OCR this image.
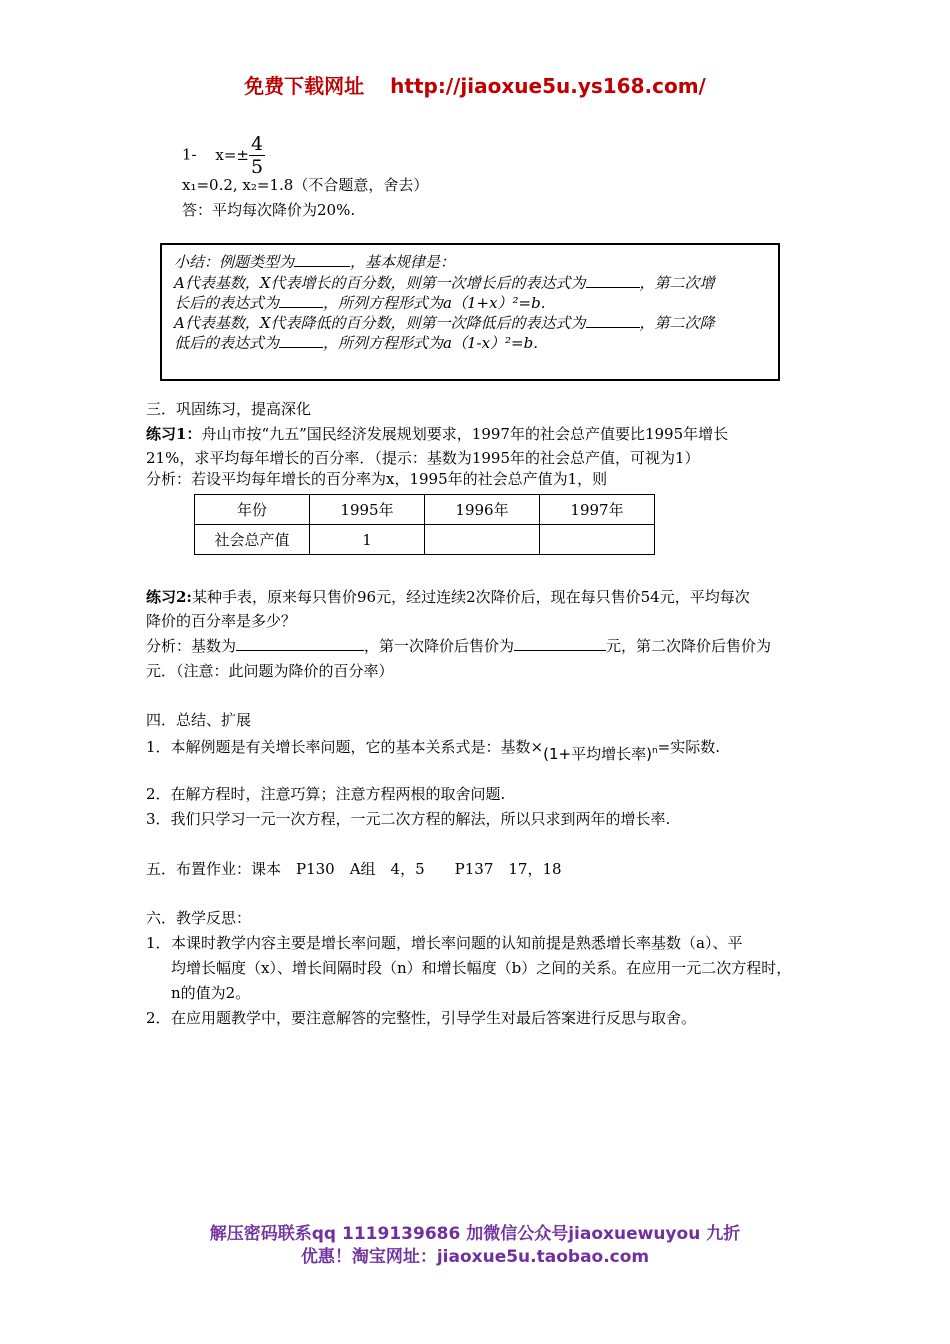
免费下载网址 http://jiaoxue5u.ys168.com/
1- $x=\pm \frac{4}{5}$
x₁=0.2, x₂=1.8（不合题意，舍去）
答：平均每次降价为20%.
小结：例题类型为	，基本规律是：
A代表基数，X代表增长的百分数，则第一次增长后的表达式为	，第二次增
长后的表达式为	，所列方程形式为a（1+x）²=b.
A代表基数，X代表降低的百分数，则第一次降低后的表达式为	，第二次降
低后的表达式为	，所列方程形式为a（1-x）²=b.
三．巩固练习，提高深化
练习1：舟山市按“九五”国民经济发展规划要求，1997年的社会总产值要比1995年增长
21%，求平均每年增长的百分率．（提示：基数为1995年的社会总产值，可视为1）
分析：若设平均每年增长的百分率为x，1995年的社会总产值为1，则
年份	1995年	1996年	1997年
社会总产值	1		
练习2:某种手表，原来每只售价96元，经过连续2次降价后，现在每只售价54元，平均每次
降价的百分率是多少？
分析：基数为	，第一次降价后售价为	元，第二次降价后售价为
元．（注意：此问题为降价的百分率）
四．总结、扩展
1．本解例题是有关增长率问题，它的基本关系式是：基数×(1+平均增长率)$^n$=实际数.
2．在解方程时，注意巧算；注意方程两根的取舍问题.
3．我们只学习一元一次方程，一元二次方程的解法，所以只求到两年的增长率.
五．布置作业：课本　P130　A组　4，5　　P137　17，18
六．教学反思：
1． 本课时教学内容主要是增长率问题，增长率问题的认知前提是熟悉增长率基数（a）、平
均增长幅度（x）、增长间隔时段（n）和增长幅度（b）之间的关系。在应用一元二次方程时，
n的值为2。
2． 在应用题教学中，要注意解答的完整性，引导学生对最后答案进行反思与取舍。
解压密码联系qq 1119139686 加微信公众号jiaoxuewuyou 九折
优惠！淘宝网址：jiaoxue5u.taobao.com
